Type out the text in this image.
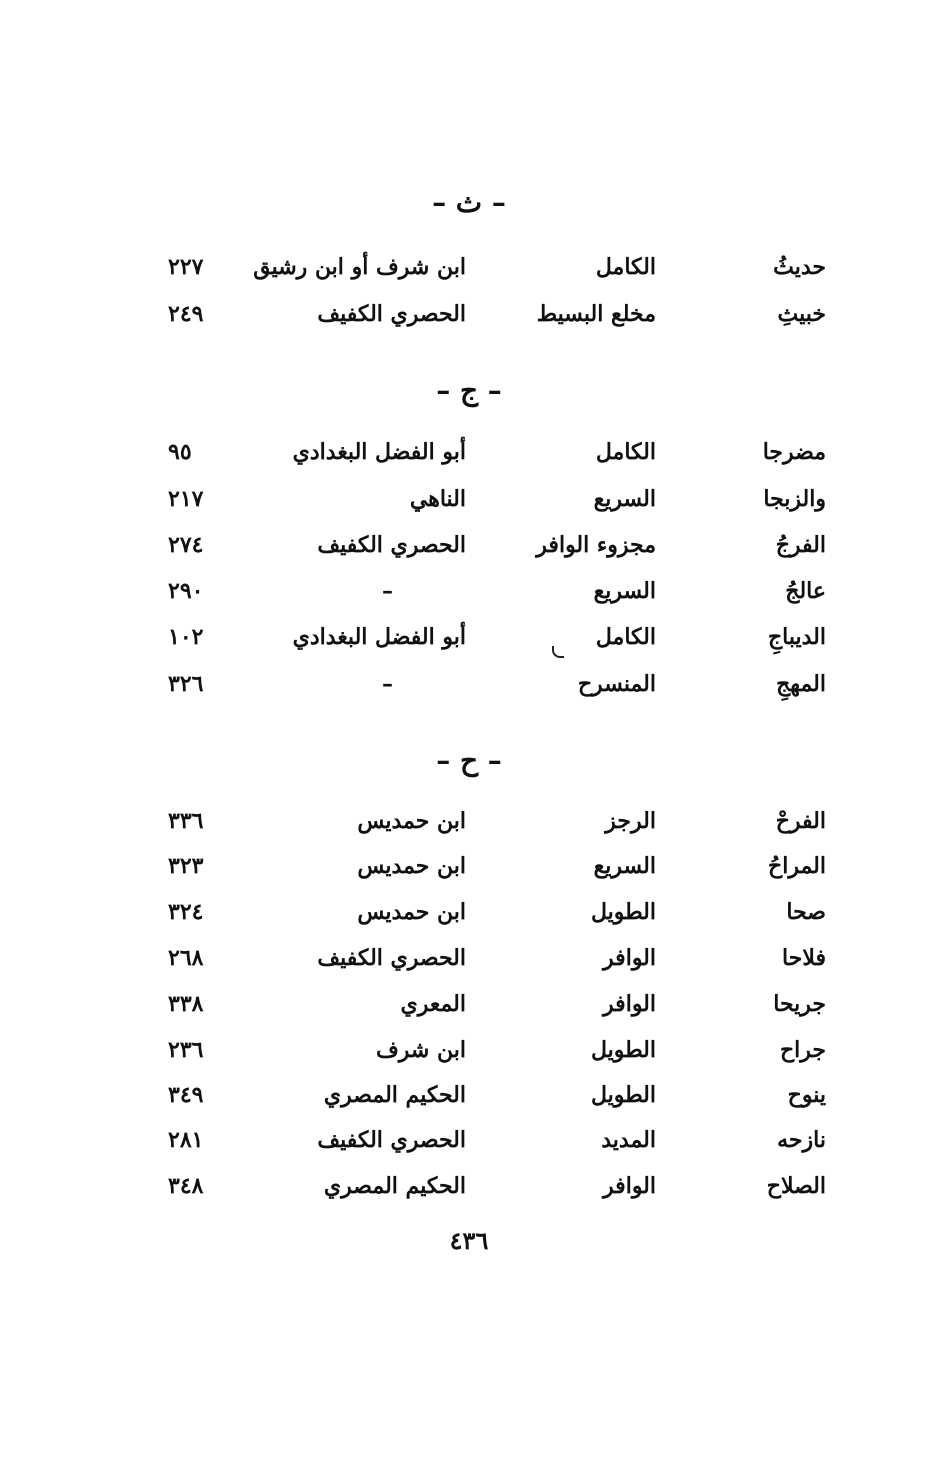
– ث –
حديثُ
الكامل
ابن شرف أو ابن رشيق
٢٢٧
خبيثِ
مخلع البسيط
الحصري الكفيف
٢٤٩
– ج –
مضرجا
الكامل
أبو الفضل البغدادي
٩٥
والزبجا
السريع
الناهي
٢١٧
الفرجُ
مجزوء الوافر
الحصري الكفيف
٢٧٤
عالجُ
السريع
–
٢٩٠
الديباجِ
الكامل
أبو الفضل البغدادي
١٠٢
المهجِ
المنسرح
–
٣٢٦
– ح –
الفرحْ
الرجز
ابن حمديس
٣٣٦
المراحُ
السريع
ابن حمديس
٣٢٣
صحا
الطويل
ابن حمديس
٣٢٤
فلاحا
الوافر
الحصري الكفيف
٢٦٨
جريحا
الوافر
المعري
٣٣٨
جراح
الطويل
ابن شرف
٢٣٦
ينوح
الطويل
الحكيم المصري
٣٤٩
نازحه
المديد
الحصري الكفيف
٢٨١
الصلاح
الوافر
الحكيم المصري
٣٤٨
٤٣٦
